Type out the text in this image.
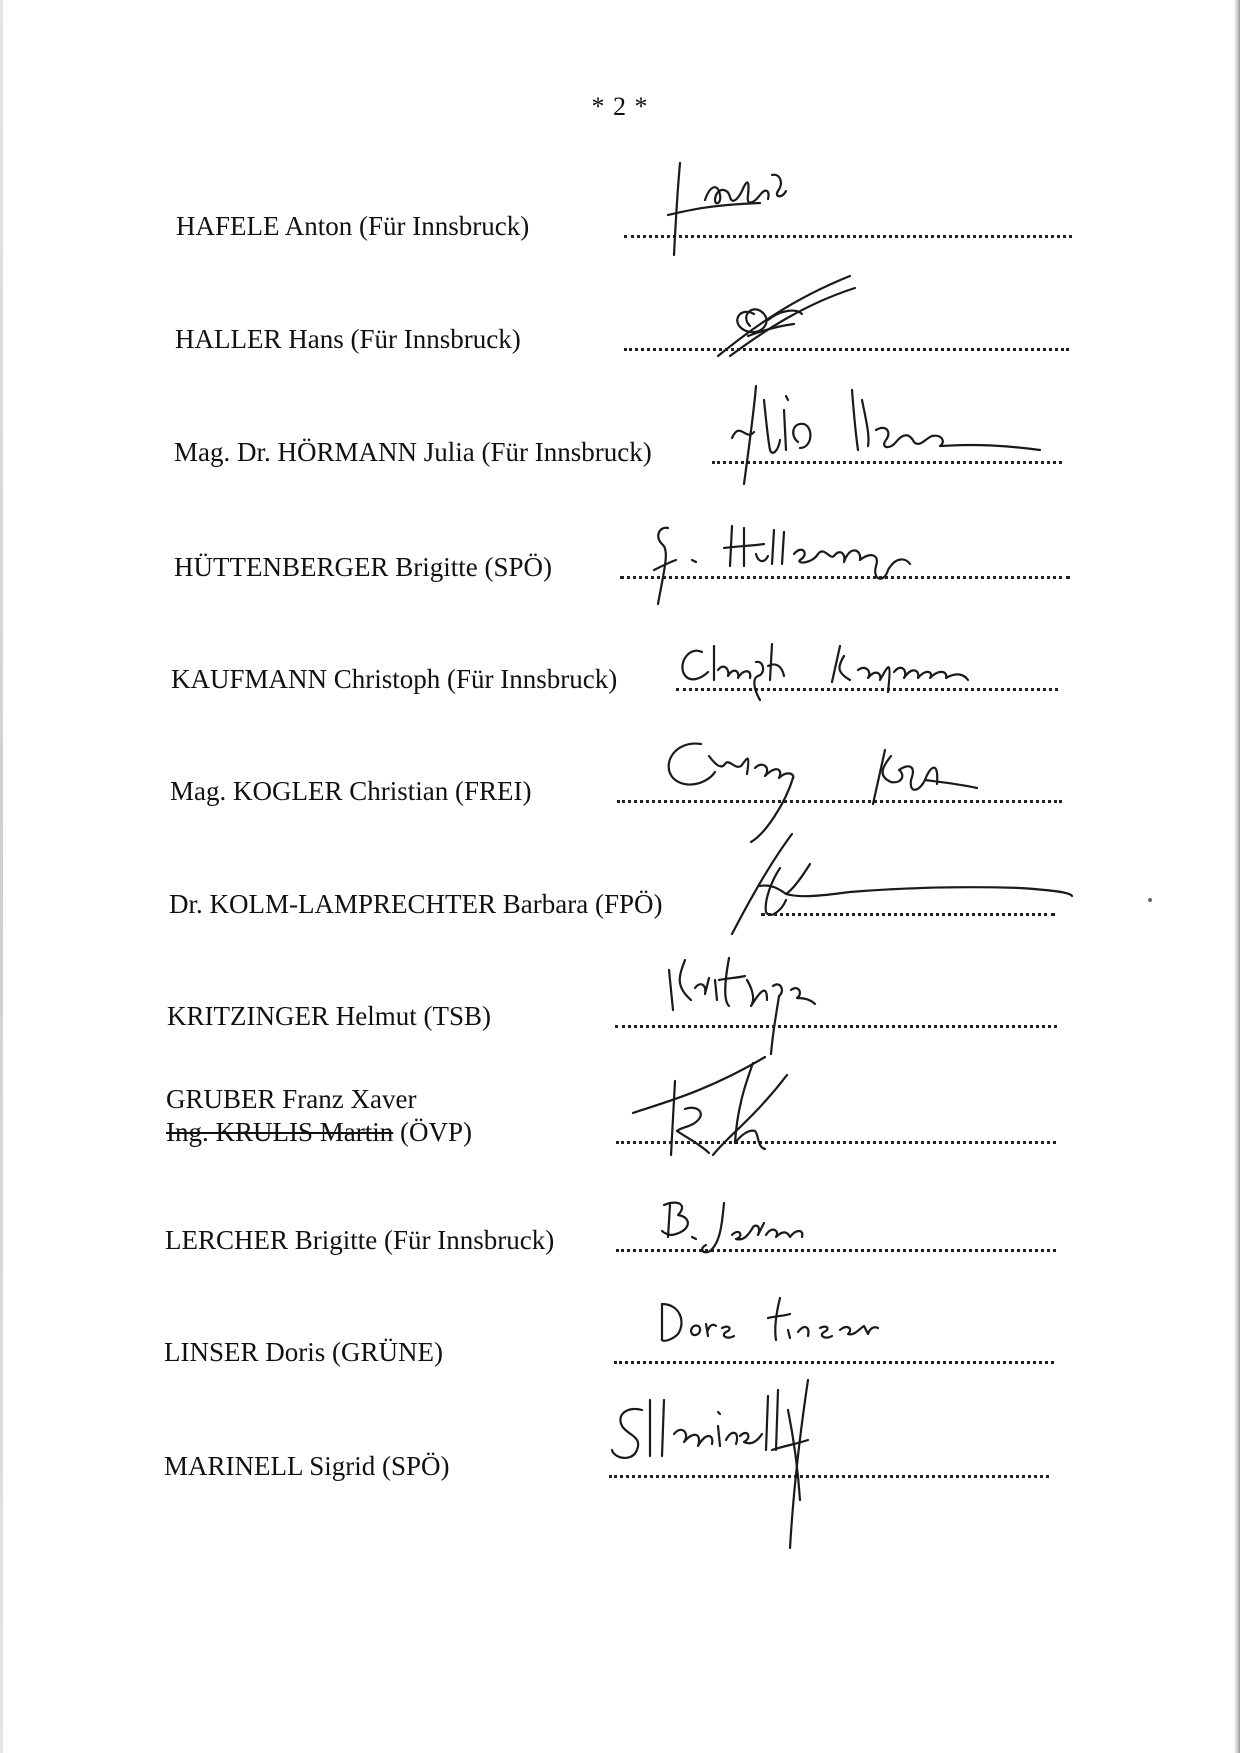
* 2 *
HAFELE Anton (Für Innsbruck)
HALLER Hans (Für Innsbruck)
Mag. Dr. HÖRMANN Julia (Für Innsbruck)
HÜTTENBERGER Brigitte (SPÖ)
KAUFMANN Christoph (Für Innsbruck)
Mag. KOGLER Christian (FREI)
Dr. KOLM-LAMPRECHTER Barbara (FPÖ)
KRITZINGER Helmut (TSB)
GRUBER Franz Xaver
Ing. KRULIS Martin (ÖVP)
LERCHER Brigitte (Für Innsbruck)
LINSER Doris (GRÜNE)
MARINELL Sigrid (SPÖ)
